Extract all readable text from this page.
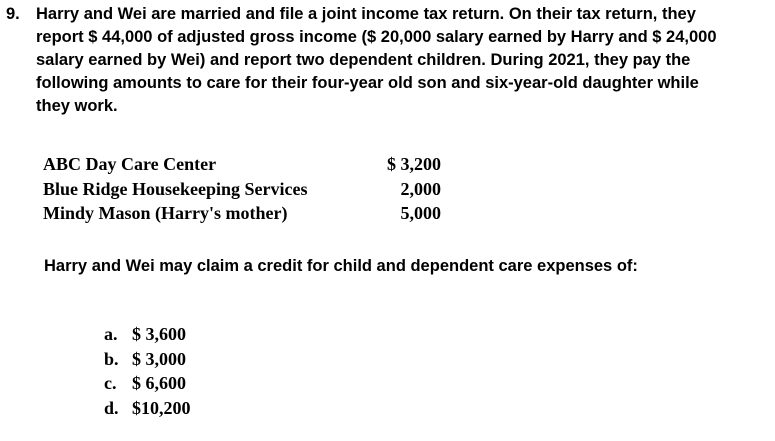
9. Harry and Wei are married and file a joint income tax return. On their tax return, they
report $ 44,000 of adjusted gross income ($ 20,000 salary earned by Harry and $ 24,000
salary earned by Wei) and report two dependent children. During 2021, they pay the
following amounts to care for their four-year old son and six-year-old daughter while
they work.
ABC Day Care Center	$ 3,200
Blue Ridge Housekeeping Services	2,000
Mindy Mason (Harry's mother)	5,000
Harry and Wei may claim a credit for child and dependent care expenses of:
a. $ 3,600
b. $ 3,000
c. $ 6,600
d. $10,200
